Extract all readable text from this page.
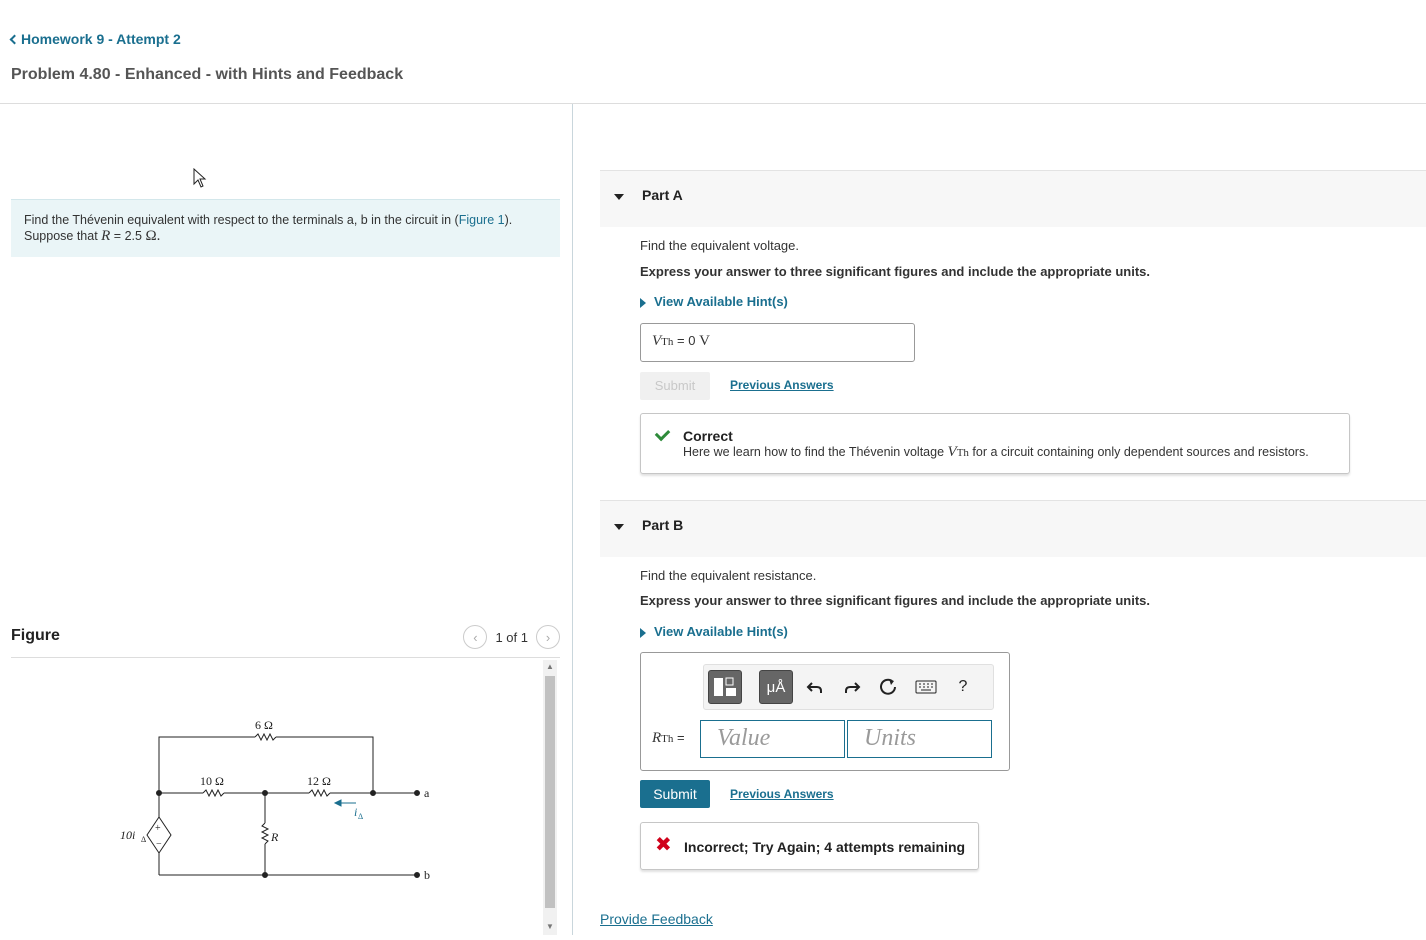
Homework 9 - Attempt 2
Problem 4.80 - Enhanced - with Hints and Feedback
Find the Thévenin equivalent with respect to the terminals a, b in the circuit in (Figure 1).
Suppose that R = 2.5 Ω.
Figure	‹ 1 of 1 ›
6 Ω
10 Ω	12 Ω
R
a
b
10i Δ
i Δ
+
−
▲
▼
Part A
Find the equivalent voltage.
Express your answer to three significant figures and include the appropriate units.
View Available Hint(s)
VTh = 0 V
Submit	Previous Answers
Correct
Here we learn how to find the Thévenin voltage VTh for a circuit containing only dependent sources and resistors.
Part B
Find the equivalent resistance.
Express your answer to three significant figures and include the appropriate units.
View Available Hint(s)
μÅ	?
RTh =	Value	Units
Submit	Previous Answers
✖ Incorrect; Try Again; 4 attempts remaining
Provide Feedback
